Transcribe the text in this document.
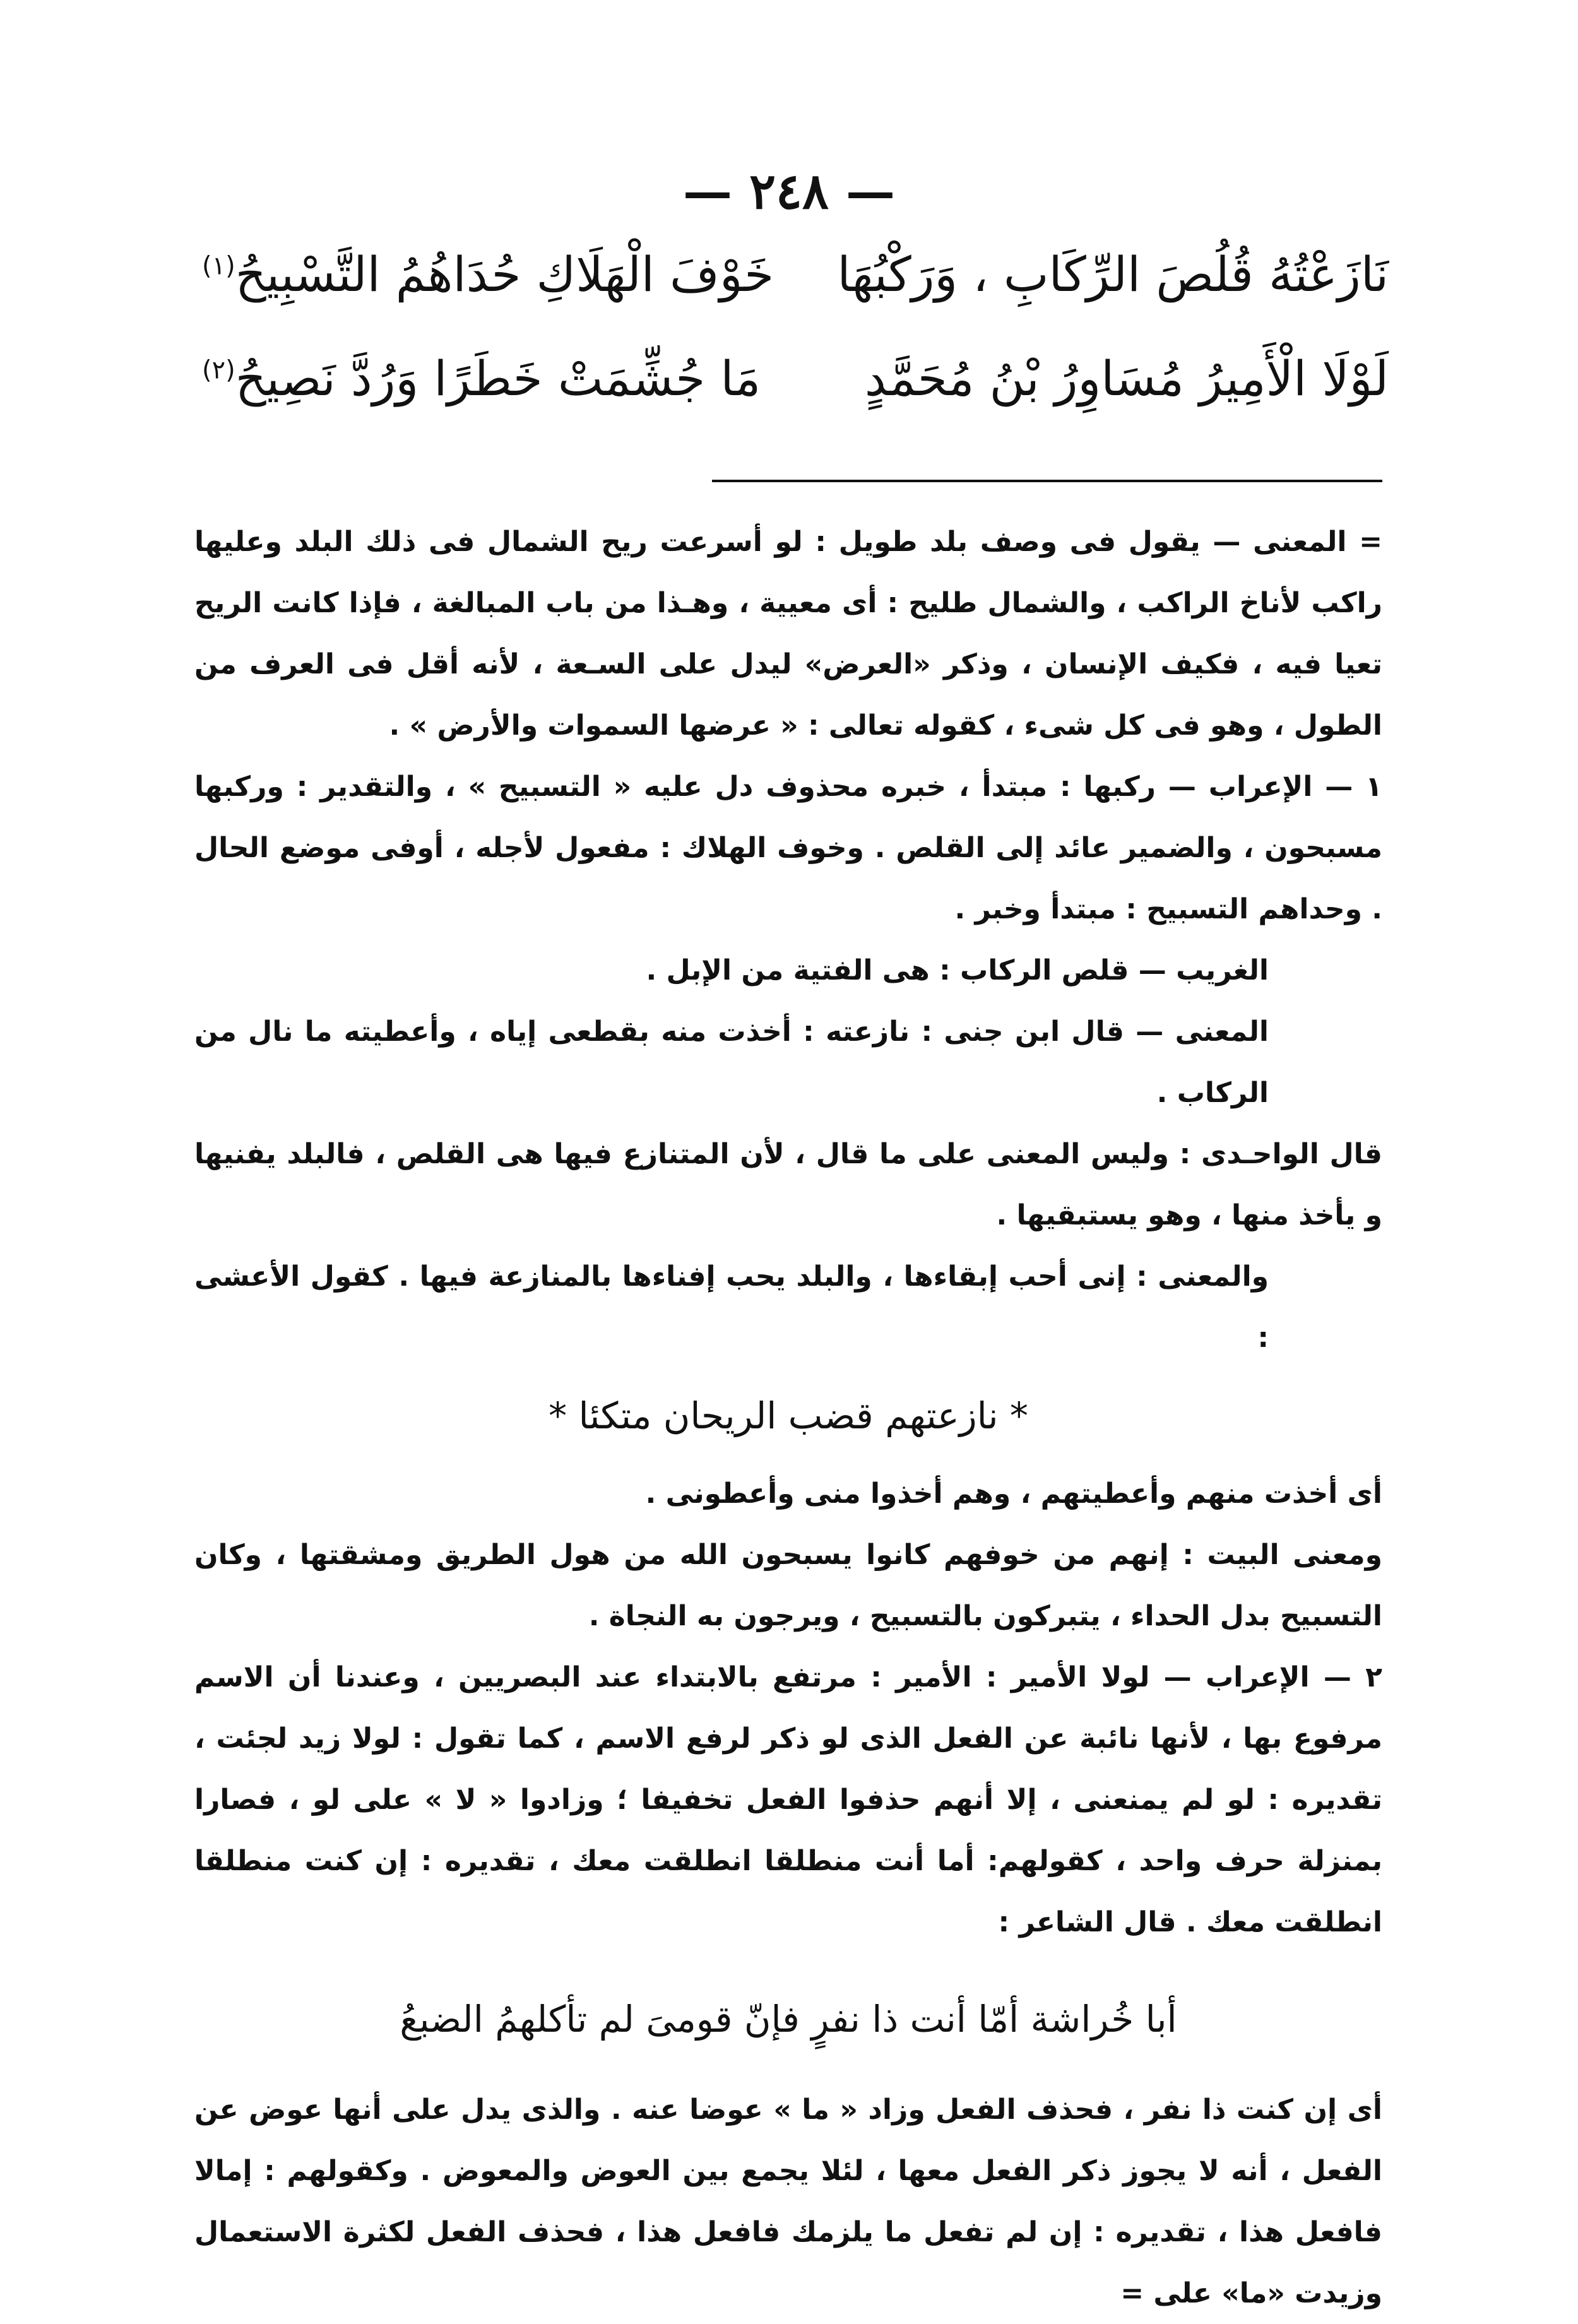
— ٢٤٨ —
نَازَعْتُهُ قُلُصَ الرِّكَابِ ، وَرَكْبُهَا
خَوْفَ الْهَلَاكِ حُدَاهُمُ التَّسْبِيحُ$^{(١)}$
لَوْلَا الْأَمِيرُ مُسَاوِرُ بْنُ مُحَمَّدٍ
مَا جُشِّمَتْ خَطَرًا وَرُدَّ نَصِيحُ$^{(٢)}$

= المعنى — يقول فى وصف بلد طويل : لو أسرعت ريح الشمال فى ذلك البلد وعليها راكب لأناخ الراكب ، والشمال طليح : أى معيية ، وهـذا من باب المبالغة ، فإذا كانت الريح تعيا فيه ، فكيف الإنسان ، وذكر «العرض» ليدل على السـعة ، لأنه أقل فى العرف من الطول ، وهو فى كل شىء ، كقوله تعالى : « عرضها السموات والأرض » .

١ — الإعراب — ركبها : مبتدأ ، خبره محذوف دل عليه « التسبيح » ، والتقدير : وركبها مسبحون ، والضمير عائد إلى القلص . وخوف الهلاك : مفعول لأجله ، أوفى موضع الحال . وحداهم التسبيح : مبتدأ وخبر .

الغريب — قلص الركاب : هى الفتية من الإبل .

المعنى — قال ابن جنى : نازعته : أخذت منه بقطعى إياه ، وأعطيته ما نال من الركاب .

قال الواحـدى : وليس المعنى على ما قال ، لأن المتنازع فيها هى القلص ، فالبلد يفنيها و يأخذ منها ، وهو يستبقيها .

والمعنى : إنى أحب إبقاءها ، والبلد يحب إفناءها بالمنازعة فيها . كقول الأعشى :

* نازعتهم قضب الريحان متكئا *

أى أخذت منهم وأعطيتهم ، وهم أخذوا منى وأعطونى .

ومعنى البيت : إنهم من خوفهم كانوا يسبحون الله من هول الطريق ومشقتها ، وكان التسبيح بدل الحداء ، يتبركون بالتسبيح ، ويرجون به النجاة .

٢ — الإعراب — لولا الأمير : الأمير : مرتفع بالابتداء عند البصريين ، وعندنا أن الاسم مرفوع بها ، لأنها نائبة عن الفعل الذى لو ذكر لرفع الاسم ، كما تقول : لولا زيد لجئت ، تقديره : لو لم يمنعنى ، إلا أنهم حذفوا الفعل تخفيفا ؛ وزادوا « لا » على لو ، فصارا بمنزلة حرف واحد ، كقولهم: أما أنت منطلقا انطلقت معك ، تقديره : إن كنت منطلقا انطلقت معك . قال الشاعر :

أبا خُراشة أمّا أنت ذا نفرٍ فإنّ قومىَ لم تأكلهمُ الضبعُ

أى إن كنت ذا نفر ، فحذف الفعل وزاد « ما » عوضا عنه . والذى يدل على أنها عوض عن الفعل ، أنه لا يجوز ذكر الفعل معها ، لئلا يجمع بين العوض والمعوض . وكقولهم : إمالا فافعل هذا ، تقديره : إن لم تفعل ما يلزمك فافعل هذا ، فحذف الفعل لكثرة الاستعمال وزيدت «ما» على =
